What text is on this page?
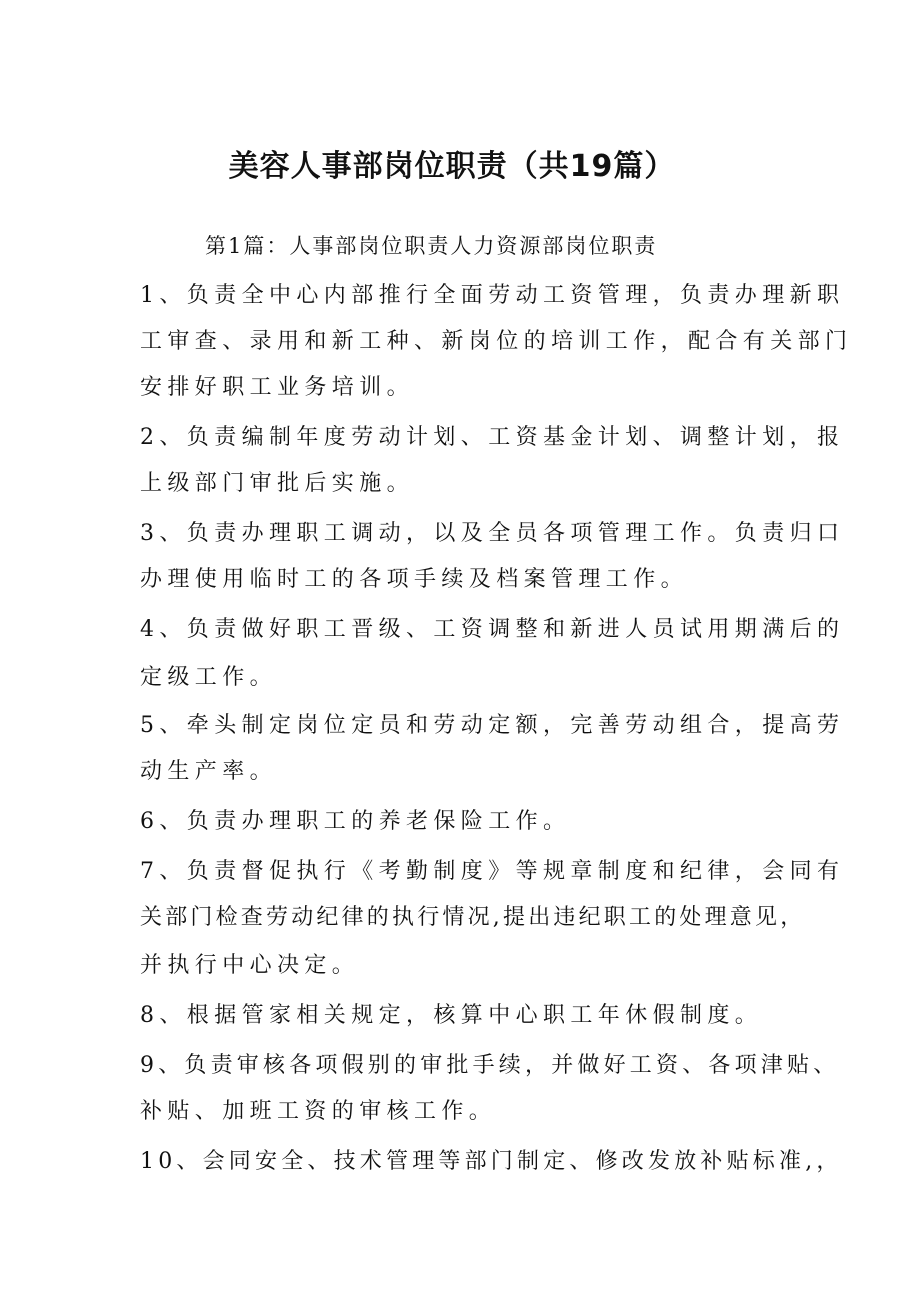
美容人事部岗位职责（共19篇）
第1篇：人事部岗位职责人力资源部岗位职责
1、负责全中心内部推行全面劳动工资管理，负责办理新职
工审查、录用和新工种、新岗位的培训工作，配合有关部门
安排好职工业务培训。
2、负责编制年度劳动计划、工资基金计划、调整计划，报
上级部门审批后实施。
3、负责办理职工调动，以及全员各项管理工作。负责归口
办理使用临时工的各项手续及档案管理工作。
4、负责做好职工晋级、工资调整和新进人员试用期满后的
定级工作。
5、牵头制定岗位定员和劳动定额，完善劳动组合，提高劳
动生产率。
6、负责办理职工的养老保险工作。
7、负责督促执行《考勤制度》等规章制度和纪律，会同有
关部门检查劳动纪律的执行情况,提出违纪职工的处理意见，
并执行中心决定。
8、根据管家相关规定，核算中心职工年休假制度。
9、负责审核各项假别的审批手续，并做好工资、各项津贴、
补贴、加班工资的审核工作。
10、会同安全、技术管理等部门制定、修改发放补贴标准,，
